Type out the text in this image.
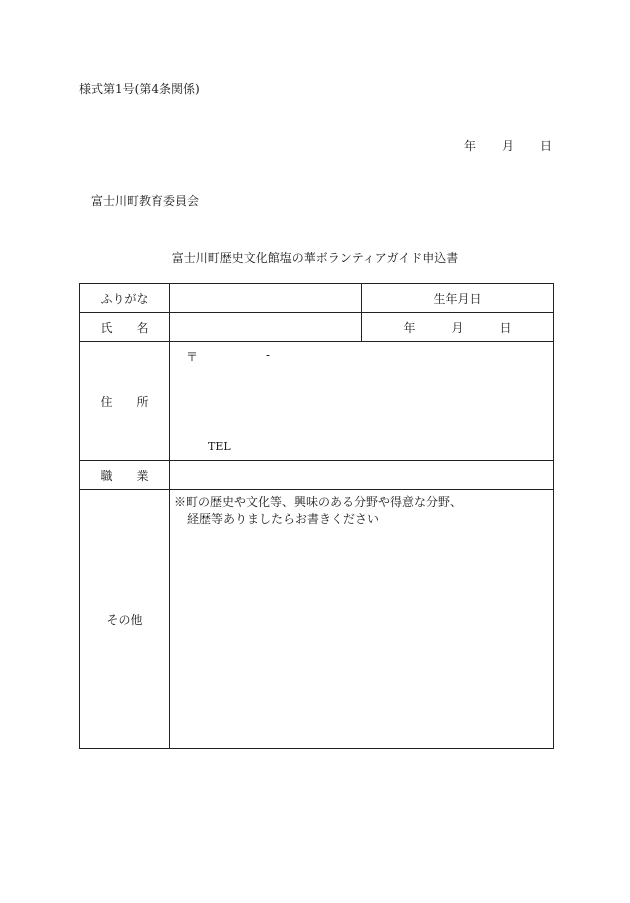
様式第1号(第4条関係)
年 月 日
富士川町教育委員会
富士川町歴史文化館塩の華ボランティアガイド申込書
ふりがな		生年月日
氏 名		年 月 日
住 所	〒 -
TEL	

職 業		
その他	※町の歴史や文化等、興味のある分野や得意な分野、
経歴等ありましたらお書きください	
